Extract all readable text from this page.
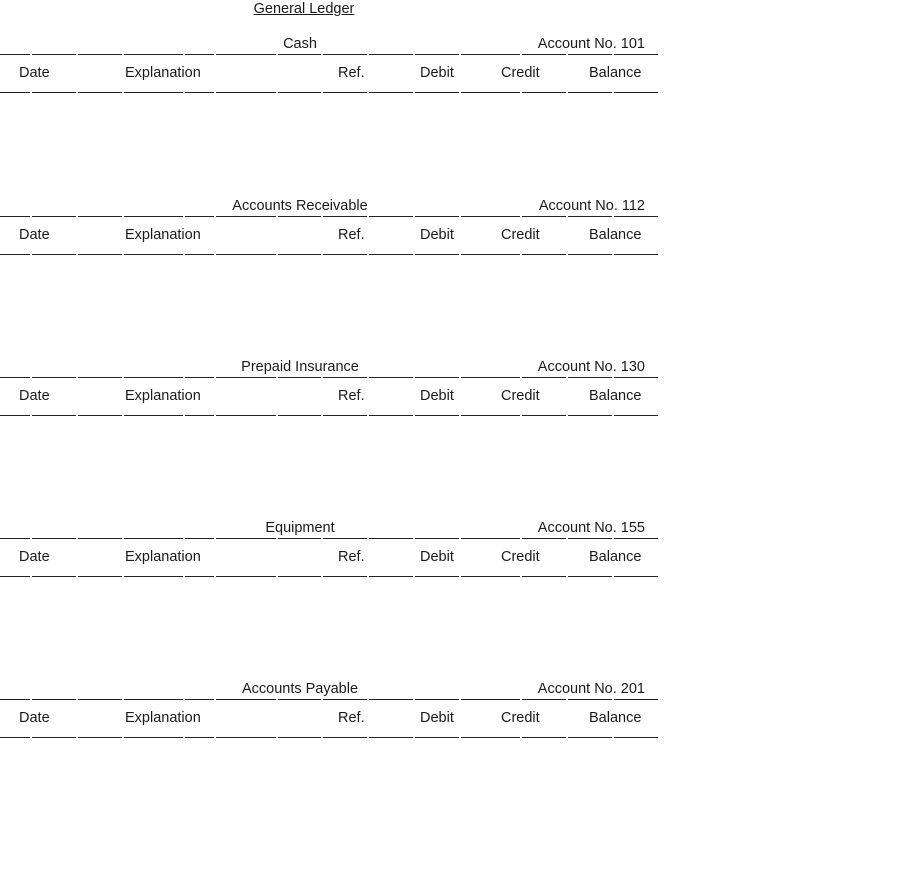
General Ledger
Cash	Account No. 101
Date	Explanation	Ref.	Debit	Credit	Balance
Accounts Receivable	Account No. 112
Date	Explanation	Ref.	Debit	Credit	Balance
Prepaid Insurance	Account No. 130
Date	Explanation	Ref.	Debit	Credit	Balance
Equipment	Account No. 155
Date	Explanation	Ref.	Debit	Credit	Balance
Accounts Payable	Account No. 201
Date	Explanation	Ref.	Debit	Credit	Balance
